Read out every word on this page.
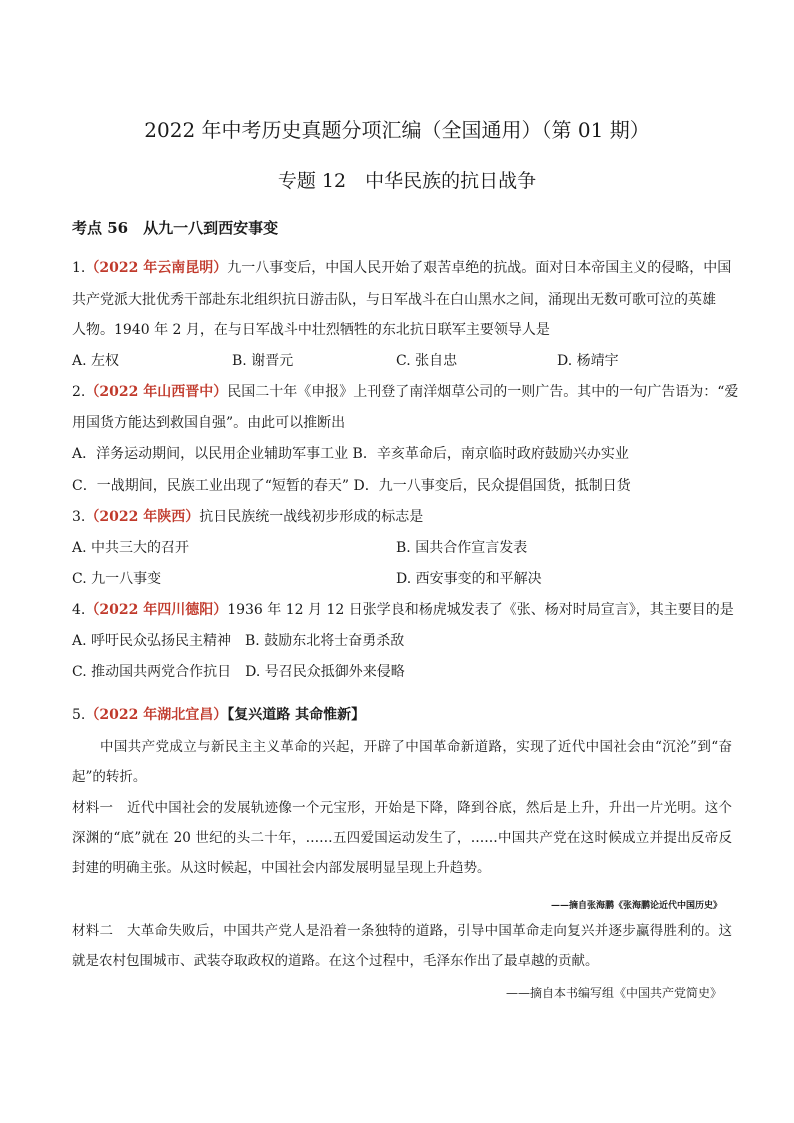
2022 年中考历史真题分项汇编（全国通用）（第 01 期）
专题 12　中华民族的抗日战争
考点 56　从九一八到西安事变
1.（2022 年云南昆明）九一八事变后，中国人民开始了艰苦卓绝的抗战。面对日本帝国主义的侵略，中国
共产党派大批优秀干部赴东北组织抗日游击队，与日军战斗在白山黑水之间，涌现出无数可歌可泣的英雄
人物。1940 年 2 月，在与日军战斗中壮烈牺牲的东北抗日联军主要领导人是
A. 左权	B. 谢晋元	C. 张自忠	D. 杨靖宇
2.（2022 年山西晋中）民国二十年《申报》上刊登了南洋烟草公司的一则广告。其中的一句广告语为：“爱
用国货方能达到救国自强”。由此可以推断出
A．洋务运动期间，以民用企业辅助军事工业 B．辛亥革命后，南京临时政府鼓励兴办实业
C．一战期间，民族工业出现了“短暂的春天” D．九一八事变后，民众提倡国货，抵制日货
3.（2022 年陕西）抗日民族统一战线初步形成的标志是
A. 中共三大的召开	B. 国共合作宣言发表
C. 九一八事变	D. 西安事变的和平解决
4.（2022 年四川德阳）1936 年 12 月 12 日张学良和杨虎城发表了《张、杨对时局宣言》，其主要目的是
A. 呼吁民众弘扬民主精神　B. 鼓励东北将士奋勇杀敌
C. 推动国共两党合作抗日　D. 号召民众抵御外来侵略
5.（2022 年湖北宜昌）【复兴道路 其命惟新】
中国共产党成立与新民主主义革命的兴起，开辟了中国革命新道路，实现了近代中国社会由“沉沦”到“奋起”的转折。
材料一　近代中国社会的发展轨迹像一个元宝形，开始是下降，降到谷底，然后是上升，升出一片光明。这个深渊的“底”就在 20 世纪的头二十年，……五四爱国运动发生了，……中国共产党在这时候成立并提出反帝反封建的明确主张。从这时候起，中国社会内部发展明显呈现上升趋势。
——摘自张海鹏《张海鹏论近代中国历史》
材料二　大革命失败后，中国共产党人是沿着一条独特的道路，引导中国革命走向复兴并逐步赢得胜利的。这就是农村包围城市、武装夺取政权的道路。在这个过程中，毛泽东作出了最卓越的贡献。
——摘自本书编写组《中国共产党简史》
